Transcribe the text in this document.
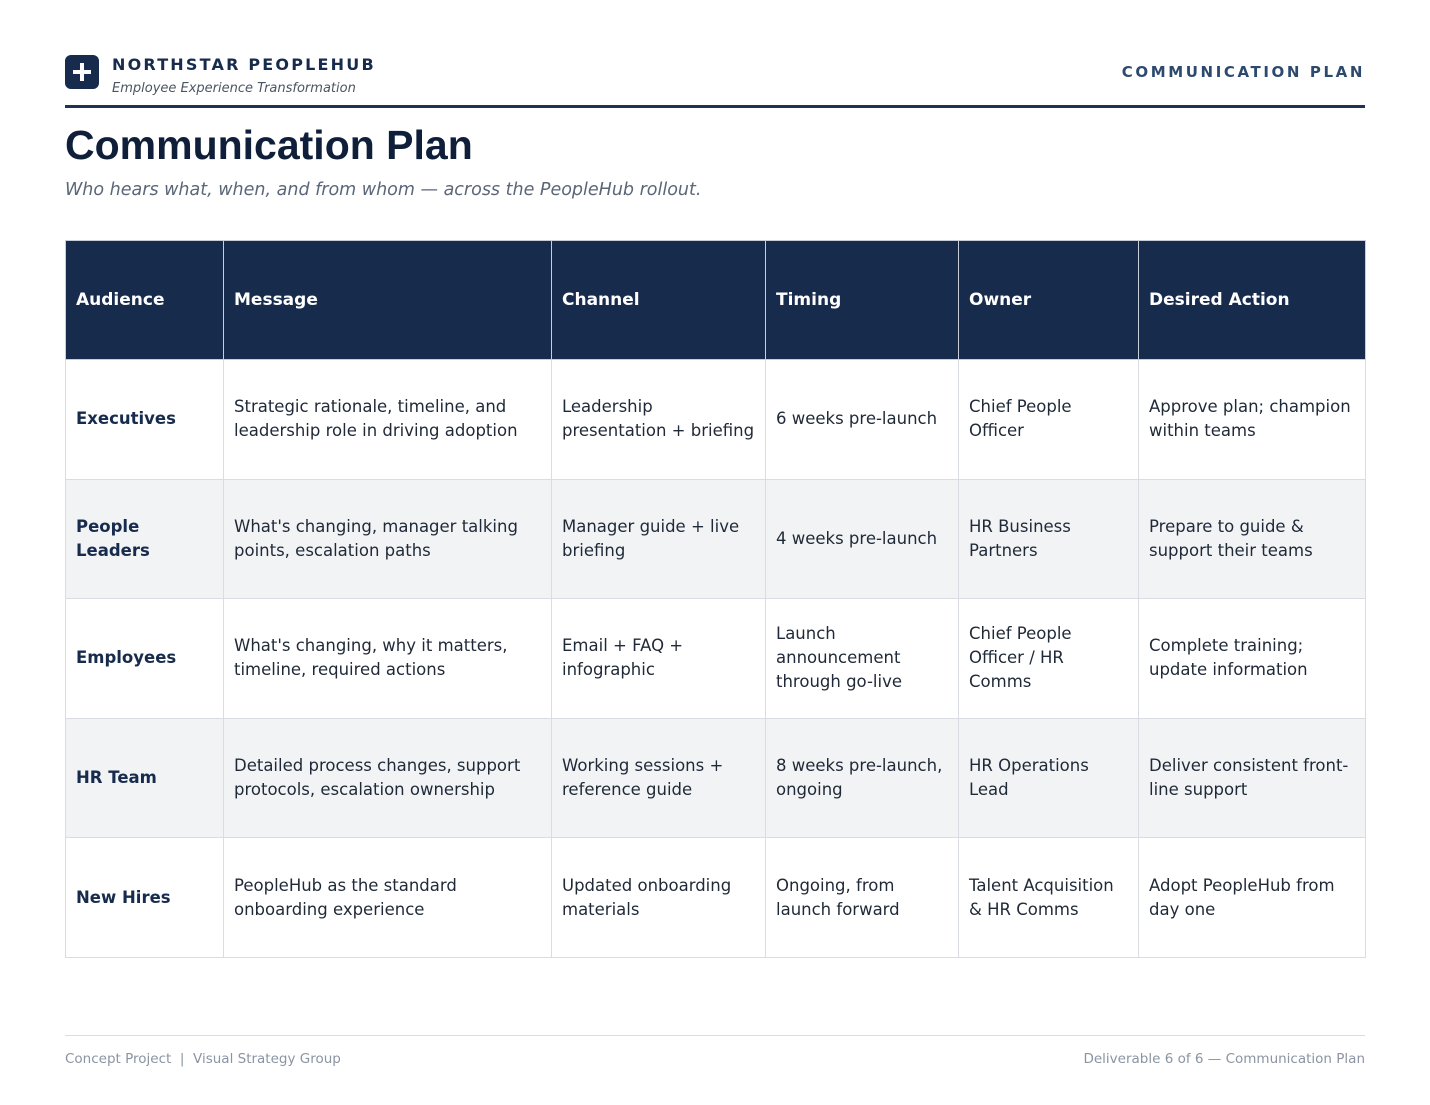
NORTHSTAR PEOPLEHUB
Employee Experience Transformation
COMMUNICATION PLAN
Communication Plan
Who hears what, when, and from whom — across the PeopleHub rollout.
Audience	Message	Channel	Timing	Owner	Desired Action
Executives	Strategic rationale, timeline, and leadership role in driving adoption	Leadership presentation + briefing	6 weeks pre-launch	Chief People Officer	Approve plan; champion within teams
People Leaders	What's changing, manager talking points, escalation paths	Manager guide + live briefing	4 weeks pre-launch	HR Business Partners	Prepare to guide & support their teams
Employees	What's changing, why it matters, timeline, required actions	Email + FAQ + infographic	Launch announcement through go-live	Chief People Officer / HR Comms	Complete training; update information
HR Team	Detailed process changes, support protocols, escalation ownership	Working sessions + reference guide	8 weeks pre-launch, ongoing	HR Operations Lead	Deliver consistent front-line support
New Hires	PeopleHub as the standard onboarding experience	Updated onboarding materials	Ongoing, from launch forward	Talent Acquisition & HR Comms	Adopt PeopleHub from day one
Concept Project  |  Visual Strategy Group	Deliverable 6 of 6 — Communication Plan
